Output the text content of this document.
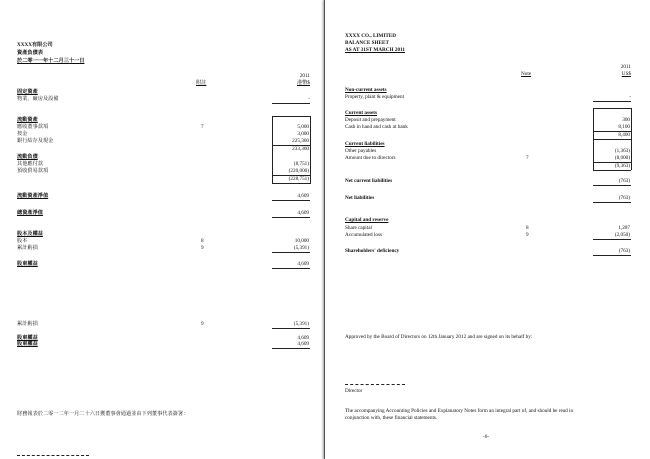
XXXX有限公司
資產負債表
於二零一一年十二月三十一日
附註
2011
港幣$
固定資產
物業、廠房及設備	-
流動資產
應收董事款項	7	5,000
按金	3,000
銀行結存及現金	225,360
233,360
流動負債
其他應付款	(8,751)
預收貿易款項	(220,000)
(228,751)
流動資產淨值	4,609
總資產淨值	4,609
股本及權益
股本	8	10,000
累計虧損	9	(5,391)
股東權益	4,609
累計虧損	9	(5,391)
股東權益	4,609
股東權益	4,609
財務報表於二零一二年一月二十六日獲董事會通過並由下列董事代表簽署：
XXXX CO., LIMITED
BALANCE SHEET
AS AT 31ST MARCH 2011
Note
2011
US$
Non-current assets
Property, plant & equipment	-
Current assets
Deposit and prepayment	300
Cash in hand and cash at bank	8,100
8,400
Current liabilities
Other payables	(1,363)
Amount due to directors	7	(8,000)
(9,363)
Net current liabilities	(763)
Net liabilities	(763)
Capital and reserve
Share capital	8	1,287
Accumulated loss	9	(2,050)
Shareholders' deficiency	(763)
Approved by the Board of Directors on 12th January 2012 and are signed on its behalf by:
Director
The accompanying Accounting Policies and Explanatory Notes form an integral part of, and should be read in
conjunction with, these financial statements.
-6-
